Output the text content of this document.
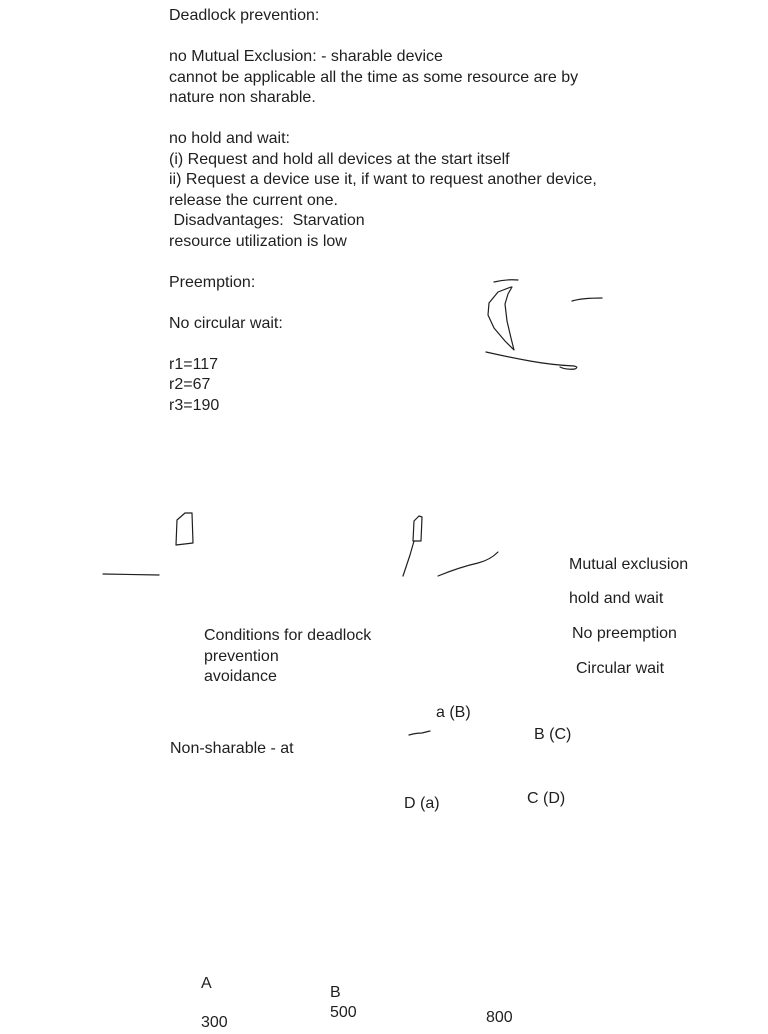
Deadlock prevention:
no Mutual Exclusion: - sharable device
cannot be applicable all the time as some resource are by
nature non sharable.
no hold and wait:
(i) Request and hold all devices at the start itself
ii) Request a device use it, if want to request another device,
release the current one.
Disadvantages:  Starvation
resource utilization is low
Preemption:
No circular wait:
r1=117
r2=67
r3=190
Conditions for deadlock
prevention
avoidance
Mutual exclusion
hold and wait
No preemption
Circular wait
Non-sharable - at
a (B)
B (C)
D (a)	C (D)
A
B
300
500	800
